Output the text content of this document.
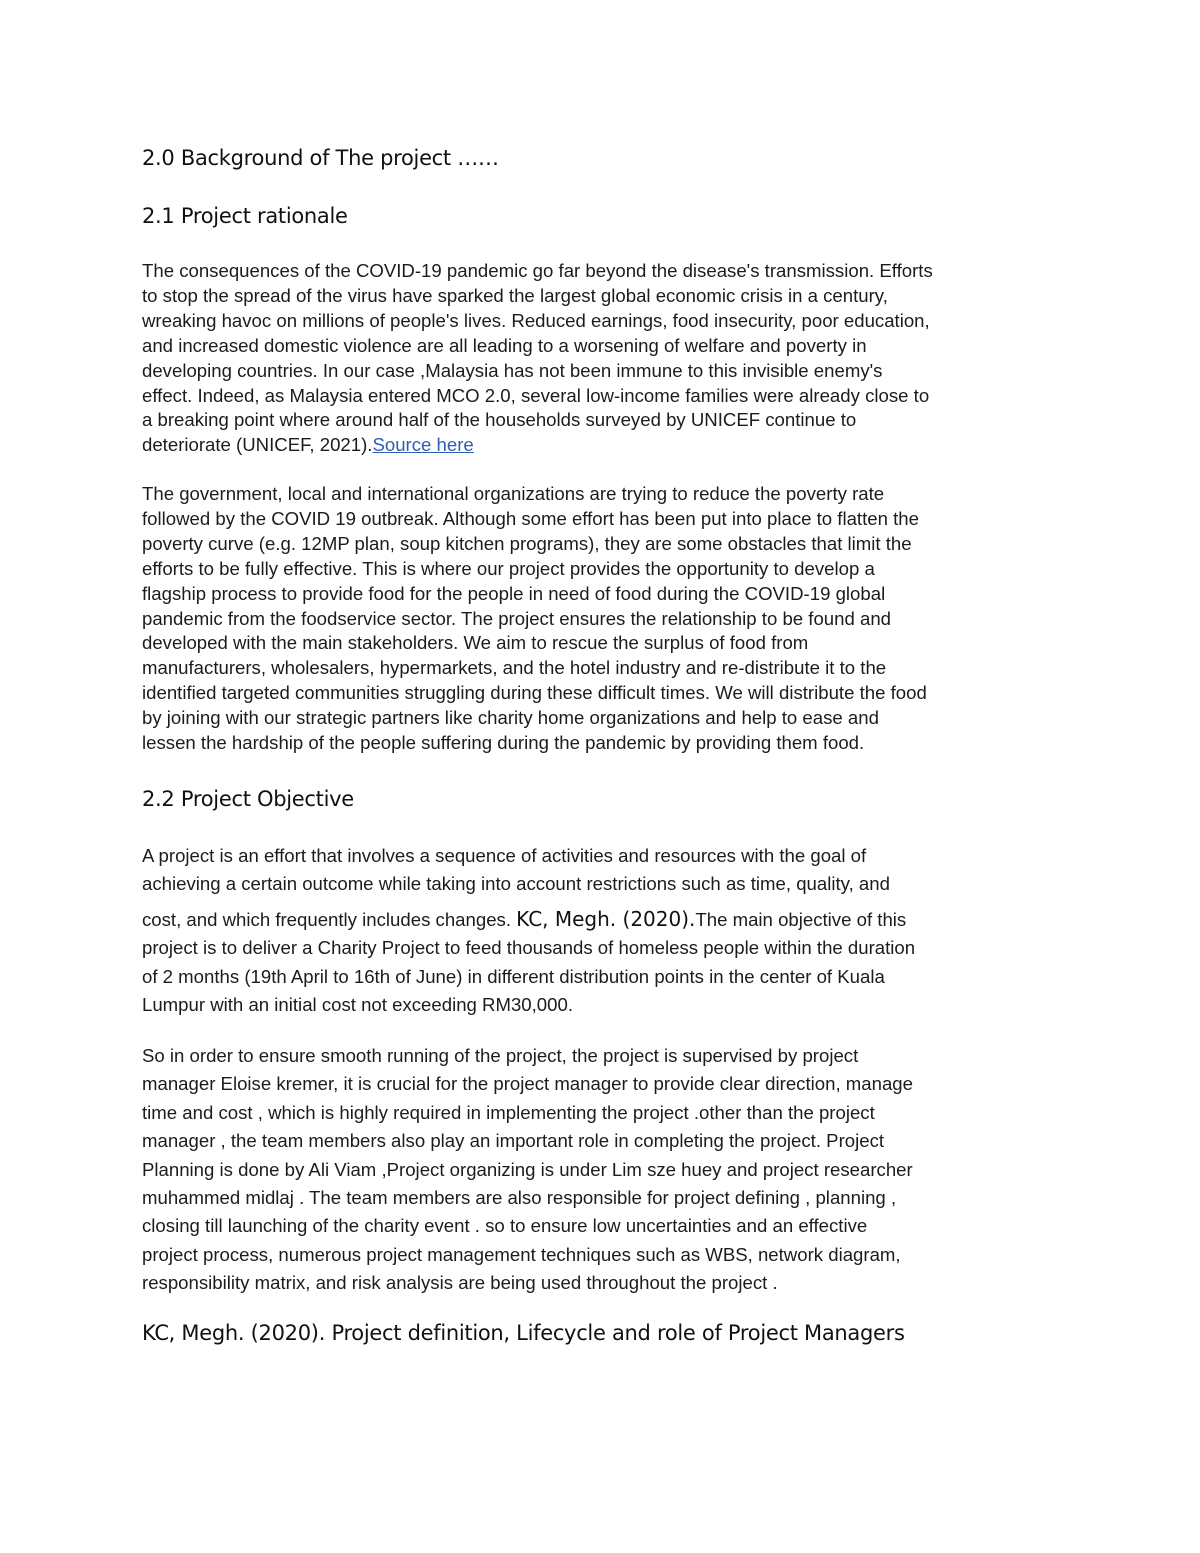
2.0 Background of The project ……
2.1 Project rationale
The consequences of the COVID-19 pandemic go far beyond the disease's transmission. Efforts
to stop the spread of the virus have sparked the largest global economic crisis in a century,
wreaking havoc on millions of people's lives. Reduced earnings, food insecurity, poor education,
and increased domestic violence are all leading to a worsening of welfare and poverty in
developing countries. In our case ,Malaysia has not been immune to this invisible enemy's
effect. Indeed, as Malaysia entered MCO 2.0, several low-income families were already close to
a breaking point where around half of the households surveyed by UNICEF continue to
deteriorate (UNICEF, 2021).Source here
The government, local and international organizations are trying to reduce the poverty rate
followed by the COVID 19 outbreak. Although some effort has been put into place to flatten the
poverty curve (e.g. 12MP plan, soup kitchen programs), they are some obstacles that limit the
efforts to be fully effective. This is where our project provides the opportunity to develop a
flagship process to provide food for the people in need of food during the COVID-19 global
pandemic from the foodservice sector. The project ensures the relationship to be found and
developed with the main stakeholders. We aim to rescue the surplus of food from
manufacturers, wholesalers, hypermarkets, and the hotel industry and re-distribute it to the
identified targeted communities struggling during these difficult times. We will distribute the food
by joining with our strategic partners like charity home organizations and help to ease and
lessen the hardship of the people suffering during the pandemic by providing them food.
2.2 Project Objective
A project is an effort that involves a sequence of activities and resources with the goal of
achieving a certain outcome while taking into account restrictions such as time, quality, and
cost, and which frequently includes changes. KC, Megh. (2020).The main objective of this
project is to deliver a Charity Project to feed thousands of homeless people within the duration
of 2 months (19th April to 16th of June) in different distribution points in the center of Kuala
Lumpur with an initial cost not exceeding RM30,000.
So in order to ensure smooth running of the project, the project is supervised by project
manager Eloise kremer, it is crucial for the project manager to provide clear direction, manage
time and cost , which is highly required in implementing the project .other than the project
manager , the team members also play an important role in completing the project. Project
Planning is done by Ali Viam ,Project organizing is under Lim sze huey and project researcher
muhammed midlaj . The team members are also responsible for project defining , planning ,
closing till launching of the charity event . so to ensure low uncertainties and an effective
project process, numerous project management techniques such as WBS, network diagram,
responsibility matrix, and risk analysis are being used throughout the project .

KC, Megh. (2020). Project definition, Lifecycle and role of Project Managers
